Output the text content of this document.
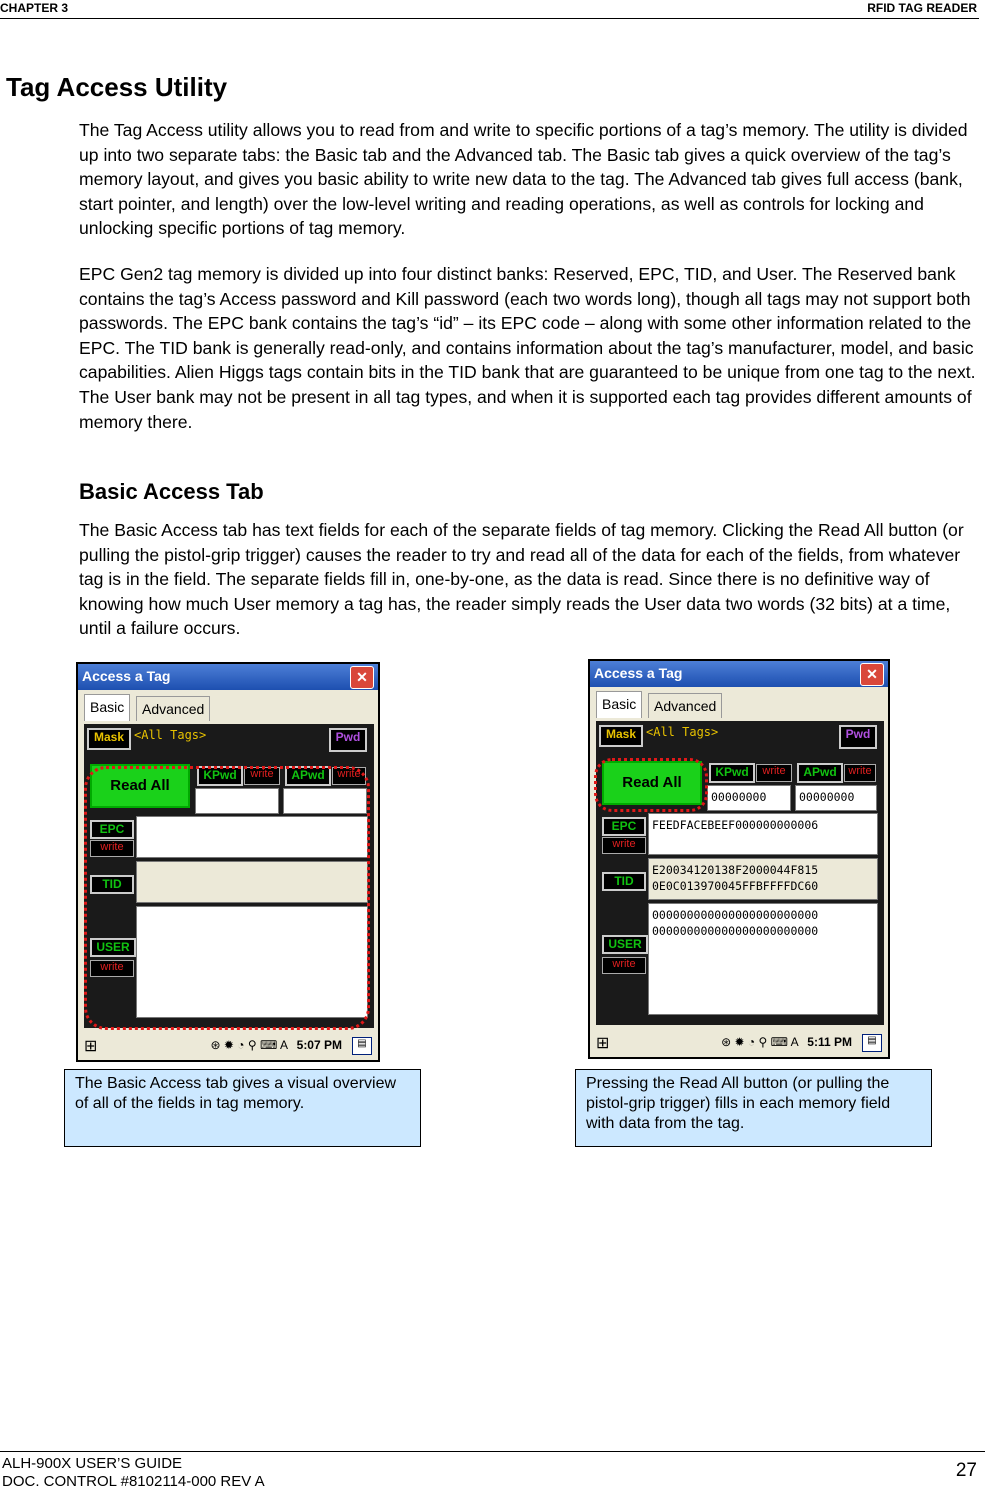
CHAPTER 3	RFID TAG READER
Tag Access Utility

The Tag Access utility allows you to read from and write to specific portions of a tag’s memory. The utility is divided up into two separate tabs: the Basic tab and the Advanced tab. The Basic tab gives a quick overview of the tag’s memory layout, and gives you basic ability to write new data to the tag. The Advanced tab gives full access (bank, start pointer, and length) over the low-level writing and reading operations, as well as controls for locking and unlocking specific portions of tag memory.

EPC Gen2 tag memory is divided up into four distinct banks: Reserved, EPC, TID, and User. The Reserved bank contains the tag’s Access password and Kill password (each two words long), though all tags may not support both passwords. The EPC bank contains the tag’s “id” – its EPC code – along with some other information related to the EPC. The TID bank is generally read-only, and contains information about the tag’s manufacturer, model, and basic capabilities. Alien Higgs tags contain bits in the TID bank that are guaranteed to be unique from one tag to the next. The User bank may not be present in all tag types, and when it is supported each tag provides different amounts of memory there.

Basic Access Tab

The Basic Access tab has text fields for each of the separate fields of tag memory. Clicking the Read All button (or pulling the pistol-grip trigger) causes the reader to try and read all of the data for each of the fields, from whatever tag is in the field. The separate fields fill in, one-by-one, as the data is read. Since there is no definitive way of knowing how much User memory a tag has, the reader simply reads the User data two words (32 bits) at a time, until a failure occurs.

Access a Tag	✕
Basic	Advanced
Mask <All Tags>	Pwd
Read All
KPwd	write	APwd	write
EPC
write
TID
USER
write
⊞	⊛ ✹ ◔ ⚲ ⌨ A 5:07 PM	▤
Access a Tag	✕
Basic	Advanced
Mask <All Tags>	Pwd
Read All
KPwd	write	APwd	write
00000000	00000000
EPC
write
FEEDFACEBEEF000000000006
TID
E20034120138F2000044F815
0E0C013970045FFBFFFFDC60
USER
write
000000000000000000000000
000000000000000000000000
⊞	⊛ ✹ ◔ ⚲ ⌨ A 5:11 PM	▤
The Basic Access tab gives a visual overview of all of the fields in tag memory.
Pressing the Read All button (or pulling the pistol-grip trigger) fills in each memory field with data from the tag.
ALH-900X USER’S GUIDE
DOC. CONTROL #8102114-000 REV A
27
